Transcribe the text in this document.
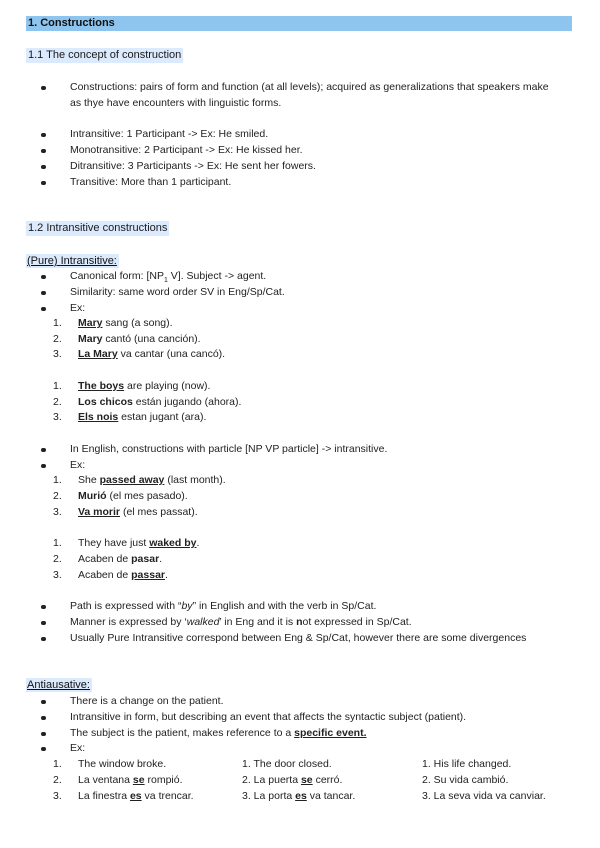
1. Constructions
1.1 The concept of construction
Constructions: pairs of form and function (at all levels); acquired as generalizations that speakers make as thye have encounters with linguistic forms.
Intransitive: 1 Participant -> Ex: He smiled.
Monotransitive: 2 Participant -> Ex: He kissed her.
Ditransitive: 3 Participants -> Ex: He sent her fowers.
Transitive: More than 1 participant.
1.2 Intransitive constructions
(Pure) Intransitive:
Canonical form: [$NP_1$ V]. Subject -> agent.
Similarity: same word order SV in Eng/Sp/Cat.
Ex:
1. Mary sang (a song).
2. Mary cantó (una canción).
3. La Mary va cantar (una cancó).
1. The boys are playing (now).
2. Los chicos están jugando (ahora).
3. Els nois estan jugant (ara).
In English, constructions with particle [NP VP particle] -> intransitive.
Ex:
1. She passed away (last month).
2. Murió (el mes pasado).
3. Va morir (el mes passat).
1. They have just waked by.
2. Acaben de pasar.
3. Acaben de passar.
Path is expressed with “by” in English and with the verb in Sp/Cat.
Manner is expressed by ‘walked’ in Eng and it is not expressed in Sp/Cat.
Usually Pure Intransitive correspond between Eng & Sp/Cat, however there are some divergences
Antiausative:
There is a change on the patient.
Intransitive in form, but describing an event that affects the syntactic subject (patient).
The subject is the patient, makes reference to a specific event.
Ex:
1. The window broke.
2. La ventana se rompió.
3. La finestra es va trencar.
1. The door closed.
2. La puerta se cerró.
3. La porta es va tancar.
1. His life changed.
2. Su vida cambió.
3. La seva vida va canviar.
